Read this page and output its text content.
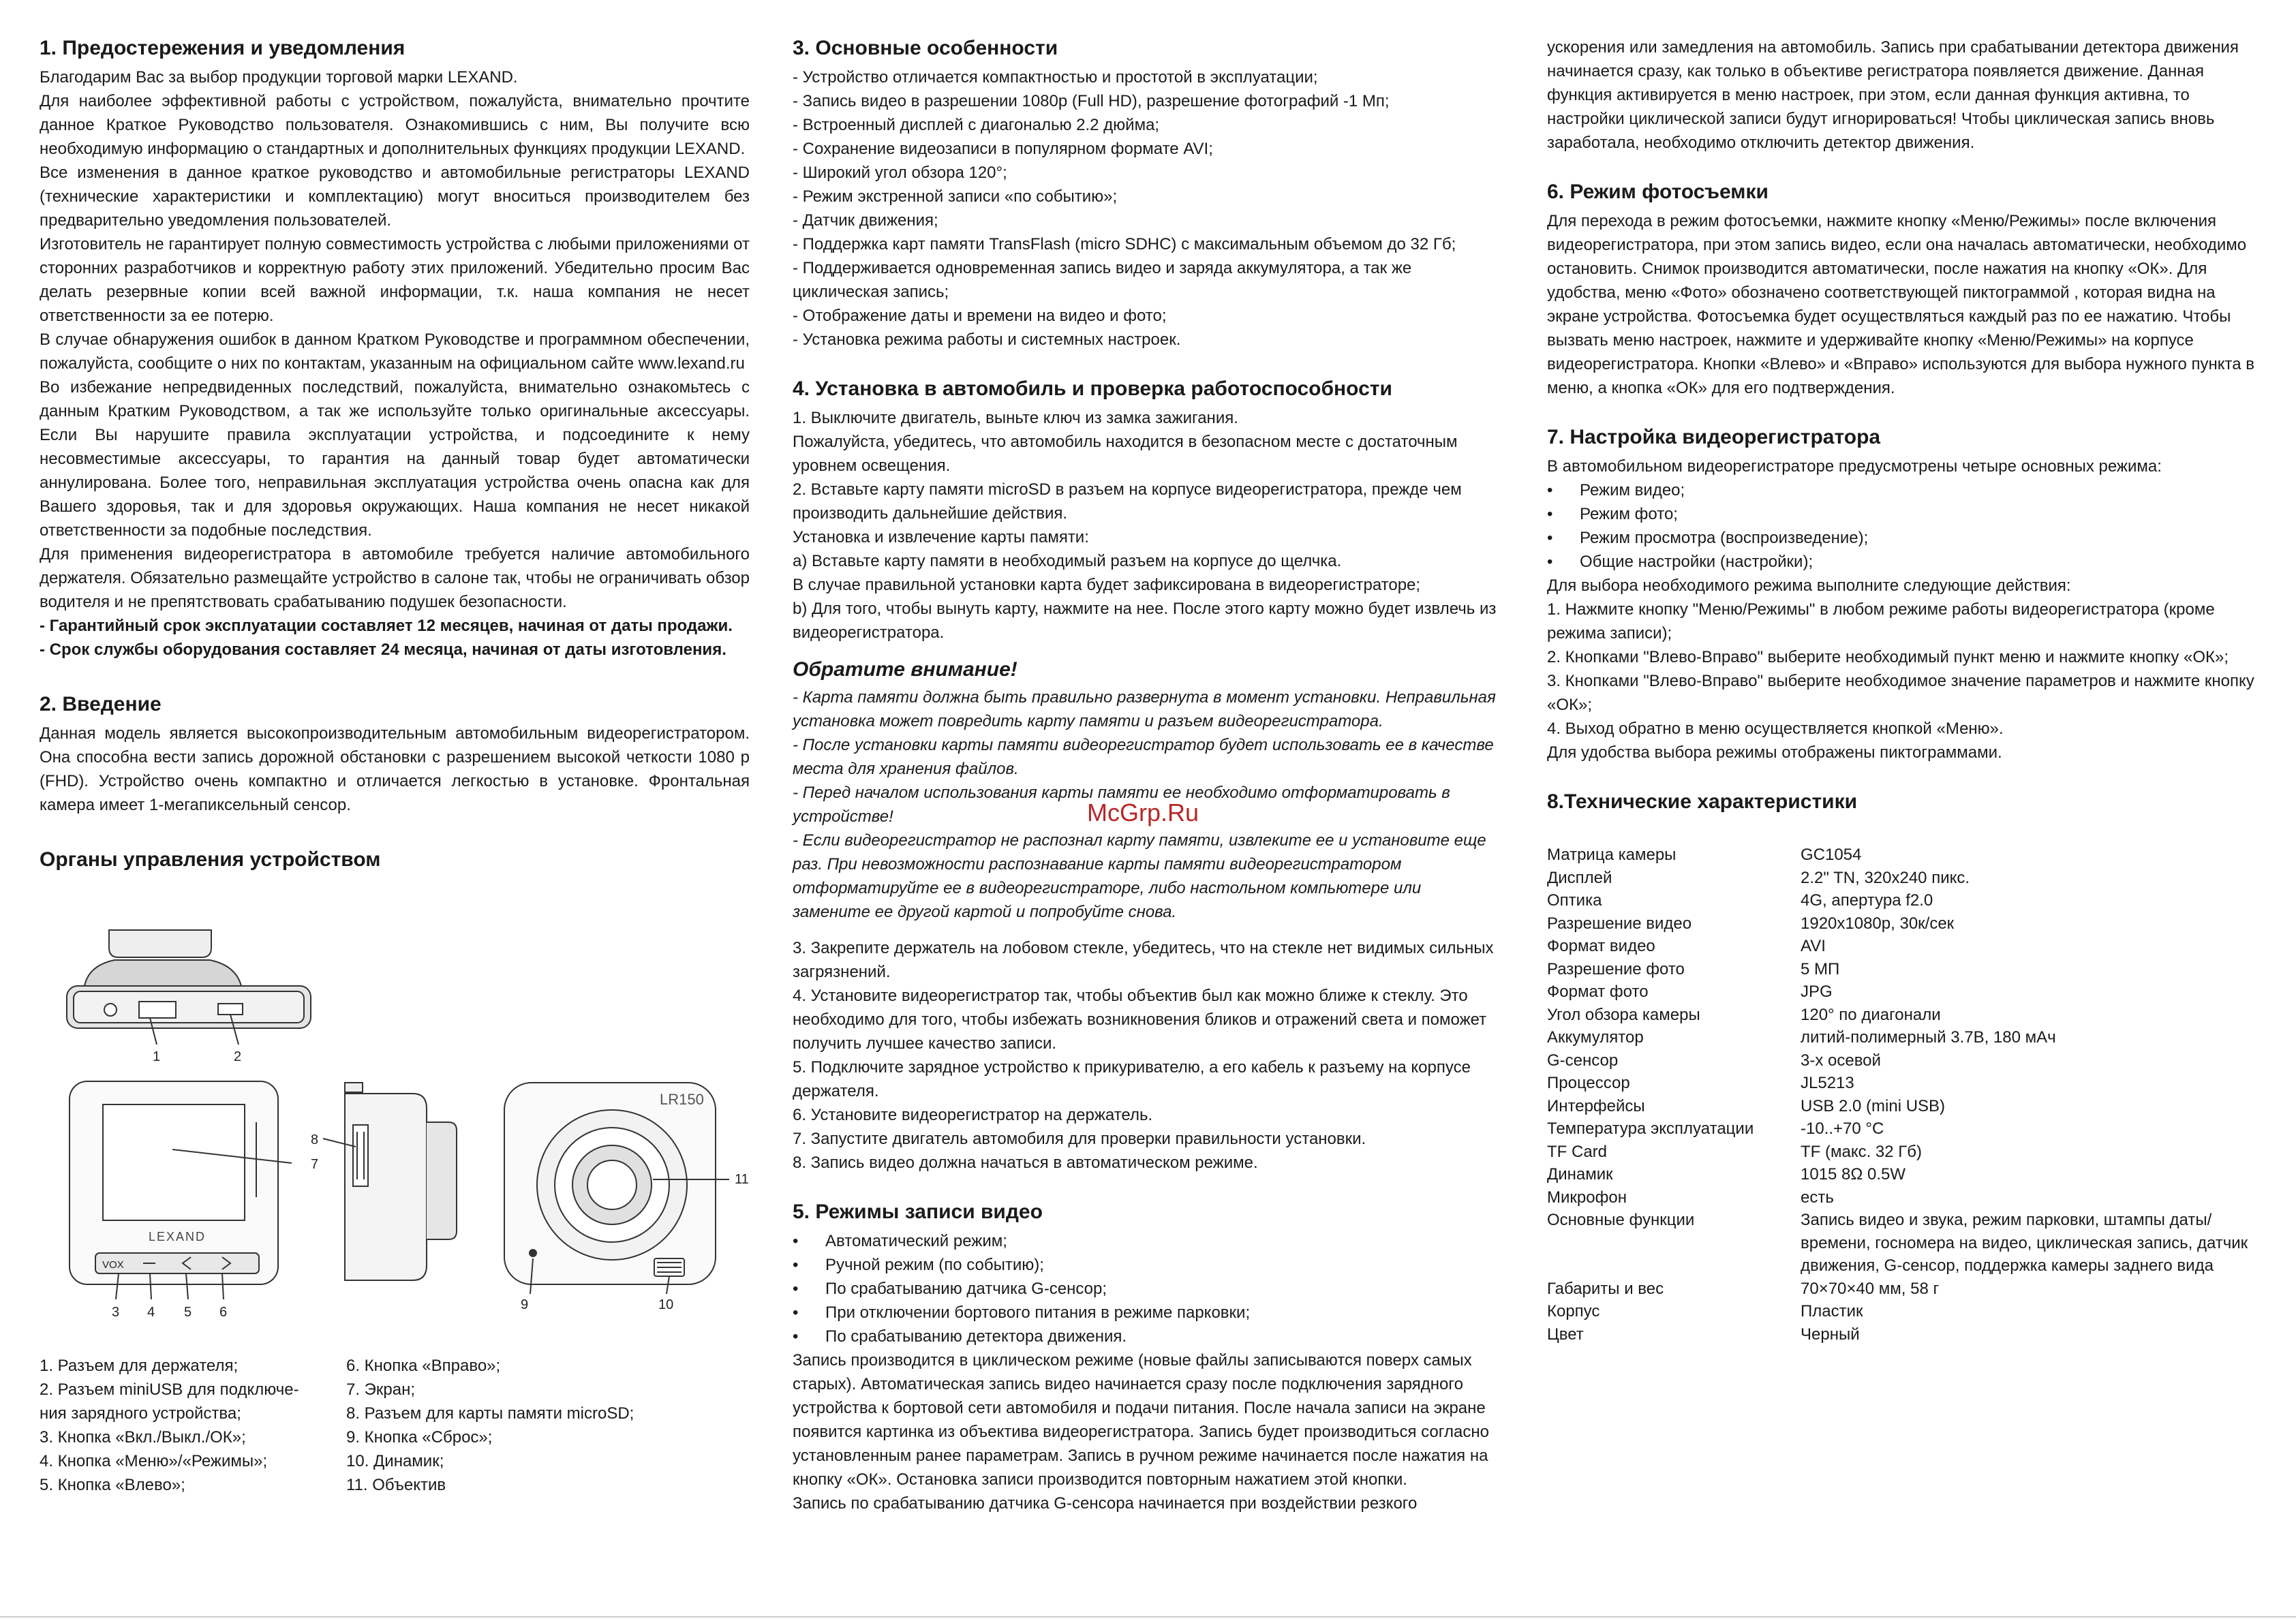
1. Предостережения и уведомления

Благодарим Вас за выбор продукции торговой марки LEXAND.

Для наиболее эффективной работы с устройством, пожалуйста, внимательно прочтите данное Краткое Руководство пользователя. Ознакомившись с ним, Вы получите всю необходимую информацию о стандартных и дополнительных функциях продукции LEXAND.

Все изменения в данное краткое руководство и автомобильные регистраторы LEXAND (технические характеристики и комплектацию) могут вноситься производителем без предварительно уведомления пользователей.

Изготовитель не гарантирует полную совместимость устройства с любыми приложениями от сторонних разработчиков и корректную работу этих приложений. Убедительно просим Вас делать резервные копии всей важной информации, т.к. наша компания не несет ответственности за ее потерю.

В случае обнаружения ошибок в данном Кратком Руководстве и программном обеспечении, пожалуйста, сообщите о них по контактам, указанным на официальном сайте www.lexand.ru

Во избежание непредвиденных последствий, пожалуйста, внимательно ознакомьтесь с данным Кратким Руководством, а так же используйте только оригинальные аксессуары. Если Вы нарушите правила эксплуатации устройства, и подсоедините к нему несовместимые аксессуары, то гарантия на данный товар будет автоматически аннулирована. Более того, неправильная эксплуатация устройства очень опасна как для Вашего здоровья, так и для здоровья окружающих. Наша компания не несет никакой ответственности за подобные последствия.

Для применения видеорегистратора в автомобиле требуется наличие автомобильного держателя. Обязательно размещайте устройство в салоне так, чтобы не ограничивать обзор водителя и не препятствовать срабатыванию подушек безопасности.

- Гарантийный срок эксплуатации составляет 12 месяцев, начиная от даты продажи.

- Срок службы оборудования составляет 24 месяца, начиная от даты изготовления.

2. Введение

Данная модель является высокопроизводительным автомобильным видеорегистратором. Она способна вести запись дорожной обстановки с разрешением высокой четкости 1080 p (FHD). Устройство очень компактно и отличается легкостью в установке. Фронтальная камера имеет 1-мегапиксельный сенсор.

Органы управления устройством
1	2
LEXAND
VOX
7
3 4 5 6
8
LR150
11
9	10
1. Разъем для держателя;
2. Разъем miniUSB для подключе-
ния зарядного устройства;
3. Кнопка «Вкл./Выкл./ОК»;
4. Кнопка «Меню»/«Режимы»;
5. Кнопка «Влево»;
6. Кнопка «Вправо»;
7. Экран;
8. Разъем для карты памяти microSD;
9. Кнопка «Сброс»;
10. Динамик;
11. Объектив
3. Основные особенности

- Устройство отличается компактностью и простотой в эксплуатации;

- Запись видео в разрешении 1080p (Full HD), разрешение фотографий -1 Мп;

- Встроенный дисплей с диагональю 2.2 дюйма;

- Сохранение видеозаписи в популярном формате AVI;

- Широкий угол обзора 120°;

- Режим экстренной записи «по событию»;

- Датчик движения;

- Поддержка карт памяти TransFlash (micro SDHC) с максимальным объемом до 32 Гб;

- Поддерживается одновременная запись видео и заряда аккумулятора, а так же циклическая запись;

- Отображение даты и времени на видео и фото;

- Установка режима работы и системных настроек.

4. Установка в автомобиль и проверка работоспособности

1. Выключите двигатель, выньте ключ из замка зажигания.

Пожалуйста, убедитесь, что автомобиль находится в безопасном месте с достаточным уровнем освещения.

2. Вставьте карту памяти microSD в разъем на корпусе видеорегистратора, прежде чем производить дальнейшие действия.

Установка и извлечение карты памяти:

a) Вставьте карту памяти в необходимый разъем на корпусе до щелчка.

В случае правильной установки карта будет зафиксирована в видеорегистраторе;

b) Для того, чтобы вынуть карту, нажмите на нее. После этого карту можно будет извлечь из видеорегистратора.

Обратите внимание!

- Карта памяти должна быть правильно развернута в момент установки. Неправильная установка может повредить карту памяти и разъем видеорегистратора.

- После установки карты памяти видеорегистратор будет использовать ее в качестве места для хранения файлов.

- Перед началом использования карты памяти ее необходимо отформатировать в устройстве!

- Если видеорегистратор не распознал карту памяти, извлеките ее и установите еще раз. При невозможности распознавание карты памяти видеорегистратором отформатируйте ее в видеорегистраторе, либо настольном компьютере или замените ее другой картой и попробуйте снова.

3. Закрепите держатель на лобовом стекле, убедитесь, что на стекле нет видимых сильных загрязнений.

4. Установите видеорегистратор так, чтобы объектив был как можно ближе к стеклу. Это необходимо для того, чтобы избежать возникновения бликов и отражений света и поможет получить лучшее качество записи.

5. Подключите зарядное устройство к прикуривателю, а его кабель к разъему на корпусе держателя.

6. Установите видеорегистратор на держатель.

7. Запустите двигатель автомобиля для проверки правильности установки.

8. Запись видео должна начаться в автоматическом режиме.

5. Режимы записи видео
• Автоматический режим;
• Ручной режим (по событию);
• По срабатыванию датчика G-сенсор;
• При отключении бортового питания в режиме парковки;
• По срабатыванию детектора движения.

Запись производится в циклическом режиме (новые файлы записываются поверх самых старых). Автоматическая запись видео начинается сразу после подключения зарядного устройства к бортовой сети автомобиля и подачи питания. После начала записи на экране появится картинка из объектива видеорегистратора. Запись будет производиться согласно установленным ранее параметрам. Запись в ручном режиме начинается после нажатия на кнопку «ОК». Остановка записи производится повторным нажатием этой кнопки.

Запись по срабатыванию датчика G-сенсора начинается при воздействии резкого

ускорения или замедления на автомобиль. Запись при срабатывании детектора движения начинается сразу, как только в объективе регистратора появляется движение. Данная функция активируется в меню настроек, при этом, если данная функция активна, то настройки циклической записи будут игнорироваться! Чтобы циклическая запись вновь заработала, необходимо отключить детектор движения.

6. Режим фотосъемки

Для перехода в режим фотосъемки, нажмите кнопку «Меню/Режимы» после включения видеорегистратора, при этом запись видео, если она началась автоматически, необходимо остановить. Снимок производится автоматически, после нажатия на кнопку «ОК». Для удобства, меню «Фото» обозначено соответствующей пиктограммой , которая видна на экране устройства. Фотосъемка будет осуществляться каждый раз по ее нажатию. Чтобы вызвать меню настроек, нажмите и удерживайте кнопку «Меню/Режимы» на корпусе видеорегистратора. Кнопки «Влево» и «Вправо» используются для выбора нужного пункта в меню, а кнопка «ОК» для его подтверждения.

7. Настройка видеорегистратора

В автомобильном видеорегистраторе предусмотрены четыре основных режима:

• Режим видео;
• Режим фото;
• Режим просмотра (воспроизведение);
• Общие настройки (настройки);

Для выбора необходимого режима выполните следующие действия:

1. Нажмите кнопку "Меню/Режимы" в любом режиме работы видеорегистратора (кроме режима записи);

2. Кнопками "Влево-Вправо" выберите необходимый пункт меню и нажмите кнопку «ОК»;

3. Кнопками "Влево-Вправо" выберите необходимое значение параметров и нажмите кнопку «ОК»;

4. Выход обратно в меню осуществляется кнопкой «Меню».

Для удобства выбора режимы отображены пиктограммами.

8.Технические характеристики
Матрица камеры	GC1054
Дисплей	2.2" TN, 320x240 пикс.
Оптика	4G, апертура f2.0
Разрешение видео	1920x1080p, 30к/сек
Формат видео	AVI
Разрешение фото	5 МП
Формат фото	JPG
Угол обзора камеры	120° по диагонали
Аккумулятор	литий-полимерный 3.7В, 180 мАч
G-сенсор	3-х осевой
Процессор	JL5213
Интерфейсы	USB 2.0 (mini USB)
Температура эксплуатации	-10..+70 °C
TF Card	TF (макс. 32 Гб)
Динамик	1015 8Ω 0.5W
Микрофон	есть
Основные функции	Запись видео и звука, режим парковки, штампы даты/времени, госномера на видео, циклическая запись, датчик движения, G-сенсор, поддержка камеры заднего вида
Габариты и вес	70×70×40 мм, 58 г
Корпус	Пластик
Цвет	Черный
McGrp.Ru
